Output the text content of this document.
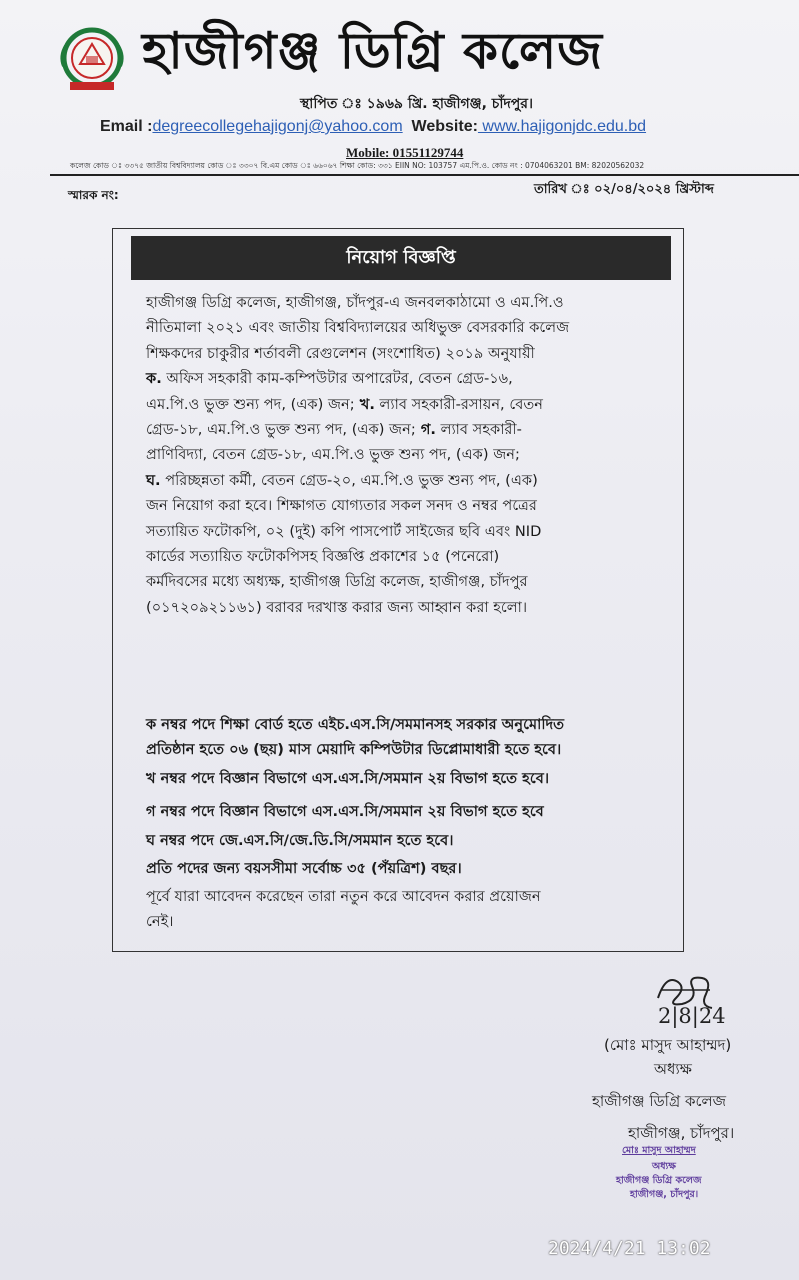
হাজীগঞ্জ ডিগ্রি কলেজ
স্থাপিত ঃ ১৯৬৯ খ্রি. হাজীগঞ্জ, চাঁদপুর।
Email :degreecollegehajigonj@yahoo.com Website: www.hajigonjdc.edu.bd
Mobile: 01551129744
কলেজ কোড ঃ ৩৩৭৫ জাতীয় বিশ্ববিদ্যালয় কোড ঃ ৩৩০৭ বি.এম কোড ঃ ৬৬০৬৭ শিক্ষা কোড: ৩৩১ EIIN NO: 103757 এম.পি.ও. কোড নং : 0704063201 BM: 82020562032
স্মারক নং:	তারিখ ঃ ০২/০৪/২০২৪ খ্রিস্টাব্দ
নিয়োগ বিজ্ঞপ্তি

হাজীগঞ্জ ডিগ্রি কলেজ, হাজীগঞ্জ, চাঁদপুর-এ জনবলকাঠামো ও এম.পি.ও

নীতিমালা ২০২১ এবং জাতীয় বিশ্ববিদ্যালয়ের অধিভুক্ত বেসরকারি কলেজ

শিক্ষকদের চাকুরীর শর্তাবলী রেগুলেশন (সংশোধিত) ২০১৯ অনুযায়ী

ক. অফিস সহকারী কাম-কম্পিউটার অপারেটর, বেতন গ্রেড-১৬,

এম.পি.ও ভুক্ত শুন্য পদ, (এক) জন; খ. ল্যাব সহকারী-রসায়ন, বেতন

গ্রেড-১৮, এম.পি.ও ভুক্ত শুন্য পদ, (এক) জন; গ. ল্যাব সহকারী-

প্রাণিবিদ্যা, বেতন গ্রেড-১৮, এম.পি.ও ভুক্ত শুন্য পদ, (এক) জন;

ঘ. পরিচ্ছন্নতা কর্মী, বেতন গ্রেড-২০, এম.পি.ও ভুক্ত শুন্য পদ, (এক)

জন নিয়োগ করা হবে। শিক্ষাগত যোগ্যতার সকল সনদ ও নম্বর পত্রের

সত্যায়িত ফটোকপি, ০২ (দুই) কপি পাসপোর্ট সাইজের ছবি এবং NID

কার্ডের সত্যায়িত ফটোকপিসহ বিজ্ঞপ্তি প্রকাশের ১৫ (পনেরো)

কর্মদিবসের মধ্যে অধ্যক্ষ, হাজীগঞ্জ ডিগ্রি কলেজ, হাজীগঞ্জ, চাঁদপুর

(০১৭২০৯২১১৬১) বরাবর দরখাস্ত করার জন্য আহ্বান করা হলো।

ক নম্বর পদে শিক্ষা বোর্ড হতে এইচ.এস.সি/সমমানসহ সরকার অনুমোদিত
প্রতিষ্ঠান হতে ০৬ (ছয়) মাস মেয়াদি কম্পিউটার ডিপ্লোমাধারী হতে হবে।
খ নম্বর পদে বিজ্ঞান বিভাগে এস.এস.সি/সমমান ২য় বিভাগ হতে হবে।
গ নম্বর পদে বিজ্ঞান বিভাগে এস.এস.সি/সমমান ২য় বিভাগ হতে হবে
ঘ নম্বর পদে জে.এস.সি/জে.ডি.সি/সমমান হতে হবে।
প্রতি পদের জন্য বয়সসীমা সর্বোচ্চ ৩৫ (পঁয়ত্রিশ) বছর।
পূর্বে যারা আবেদন করেছেন তারা নতুন করে আবেদন করার প্রয়োজন
নেই।
2|8|24
(মোঃ মাসুদ আহাম্মদ)
অধ্যক্ষ
হাজীগঞ্জ ডিগ্রি কলেজ
হাজীগঞ্জ, চাঁদপুর।
মোঃ মাসুদ আহাম্মদ
অধ্যক্ষ
হাজীগঞ্জ ডিগ্রি কলেজ
হাজীগঞ্জ, চাঁদপুর।
2024/4/21 13:02
